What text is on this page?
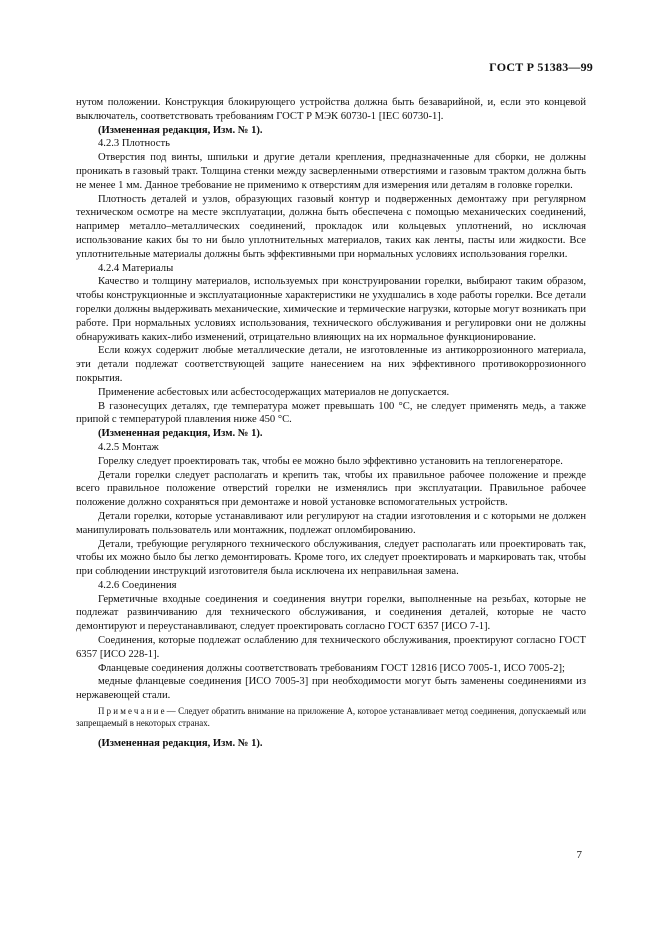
ГОСТ Р 51383—99

нутом положении. Конструкция блокирующего устройства должна быть безаварийной, и, если это концевой выключатель, соответствовать требованиям ГОСТ Р МЭК 60730-1 [IEC 60730-1].

(Измененная редакция, Изм. № 1).

4.2.3 Плотность

Отверстия под винты, шпильки и другие детали крепления, предназначенные для сборки, не должны проникать в газовый тракт. Толщина стенки между засверленными отверстиями и газовым трактом должна быть не менее 1 мм. Данное требование не применимо к отверстиям для измерения или деталям в головке горелки.

Плотность деталей и узлов, образующих газовый контур и подверженных демонтажу при регулярном техническом осмотре на месте эксплуатации, должна быть обеспечена с помощью механических соединений, например металло–металлических соединений, прокладок или кольцевых уплотнений, но исключая использование каких бы то ни было уплотнительных материалов, таких как ленты, пасты или жидкости. Все уплотнительные материалы должны быть эффективными при нормальных условиях использования горелки.

4.2.4 Материалы

Качество и толщину материалов, используемых при конструировании горелки, выбирают таким образом, чтобы конструкционные и эксплуатационные характеристики не ухудшались в ходе работы горелки. Все детали горелки должны выдерживать механические, химические и термические нагрузки, которые могут возникать при работе. При нормальных условиях использования, технического обслуживания и регулировки они не должны обнаруживать каких-либо изменений, отрицательно влияющих на их нормальное функционирование.

Если кожух содержит любые металлические детали, не изготовленные из антикоррозионного материала, эти детали подлежат соответствующей защите нанесением на них эффективного противокоррозионного покрытия.

Применение асбестовых или асбестосодержащих материалов не допускается.

В газонесущих деталях, где температура может превышать 100 °С, не следует применять медь, а также припой с температурой плавления ниже 450 °С.

(Измененная редакция, Изм. № 1).

4.2.5 Монтаж

Горелку следует проектировать так, чтобы ее можно было эффективно установить на теплогенераторе.

Детали горелки следует располагать и крепить так, чтобы их правильное рабочее положение и прежде всего правильное положение отверстий горелки не изменялись при эксплуатации. Правильное рабочее положение должно сохраняться при демонтаже и новой установке вспомогательных устройств.

Детали горелки, которые устанавливают или регулируют на стадии изготовления и с которыми не должен манипулировать пользователь или монтажник, подлежат опломбированию.

Детали, требующие регулярного технического обслуживания, следует располагать или проектировать так, чтобы их можно было бы легко демонтировать. Кроме того, их следует проектировать и маркировать так, чтобы при соблюдении инструкций изготовителя была исключена их неправильная замена.

4.2.6 Соединения

Герметичные входные соединения и соединения внутри горелки, выполненные на резьбах, которые не подлежат развинчиванию для технического обслуживания, и соединения деталей, которые не часто демонтируют и переустанавливают, следует проектировать согласно ГОСТ 6357 [ИСО 7-1].

Соединения, которые подлежат ослаблению для технического обслуживания, проектируют согласно ГОСТ 6357 [ИСО 228-1].

Фланцевые соединения должны соответствовать требованиям ГОСТ 12816 [ИСО 7005-1, ИСО 7005-2];

медные фланцевые соединения [ИСО 7005-3] при необходимости могут быть заменены соединениями из нержавеющей стали.

Примечание— Следует обратить внимание на приложение А, которое устанавливает метод соединения, допускаемый или запрещаемый в некоторых странах.

(Измененная редакция, Изм. № 1).

7
